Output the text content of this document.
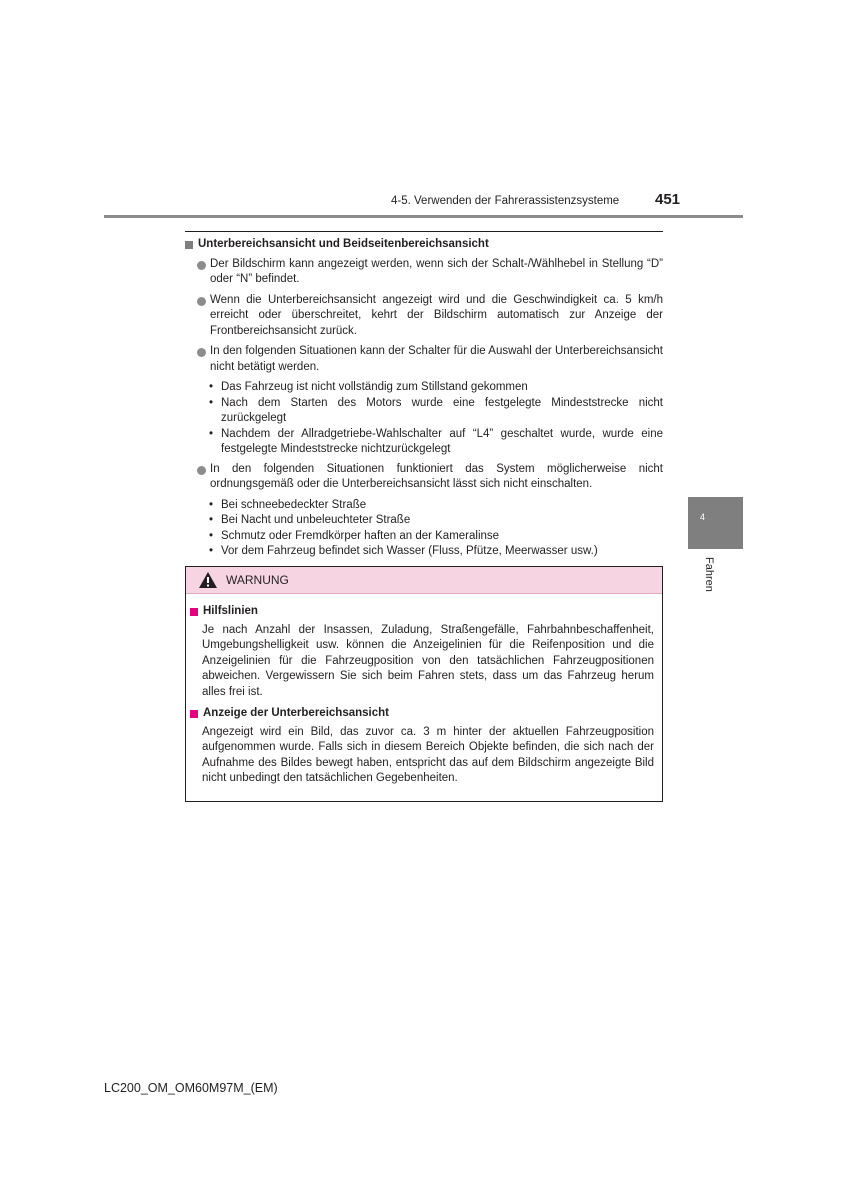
4-5. Verwenden der Fahrerassistenzsysteme 451
4
Fahren
Unterbereichsansicht und Beidseitenbereichsansicht
Der Bildschirm kann angezeigt werden, wenn sich der Schalt-/Wählhebel in Stellung “D” oder “N” befindet.
Wenn die Unterbereichsansicht angezeigt wird und die Geschwindigkeit ca. 5 km/h erreicht oder überschreitet, kehrt der Bildschirm automatisch zur Anzeige der Frontbereichsansicht zurück.
In den folgenden Situationen kann der Schalter für die Auswahl der Unterbereichsansicht nicht betätigt werden.
• Das Fahrzeug ist nicht vollständig zum Stillstand gekommen
• Nach dem Starten des Motors wurde eine festgelegte Mindeststrecke nicht zurückgelegt
• Nachdem der Allradgetriebe-Wahlschalter auf “L4” geschaltet wurde, wurde eine festgelegte Mindeststrecke nichtzurückgelegt
In den folgenden Situationen funktioniert das System möglicherweise nicht ordnungsgemäß oder die Unterbereichsansicht lässt sich nicht einschalten.
• Bei schneebedeckter Straße
• Bei Nacht und unbeleuchteter Straße
• Schmutz oder Fremdkörper haften an der Kameralinse
• Vor dem Fahrzeug befindet sich Wasser (Fluss, Pfütze, Meerwasser usw.)
WARNUNG
Hilfslinien
Je nach Anzahl der Insassen, Zuladung, Straßengefälle, Fahrbahnbeschaffenheit, Umgebungshelligkeit usw. können die Anzeigelinien für die Reifenposition und die Anzeigelinien für die Fahrzeugposition von den tatsächlichen Fahrzeugpositionen abweichen. Vergewissern Sie sich beim Fahren stets, dass um das Fahrzeug herum alles frei ist.
Anzeige der Unterbereichsansicht
Angezeigt wird ein Bild, das zuvor ca. 3 m hinter der aktuellen Fahrzeugposition aufgenommen wurde. Falls sich in diesem Bereich Objekte befinden, die sich nach der Aufnahme des Bildes bewegt haben, entspricht das auf dem Bildschirm angezeigte Bild nicht unbedingt den tatsächlichen Gegebenheiten.
LC200_OM_OM60M97M_(EM)
